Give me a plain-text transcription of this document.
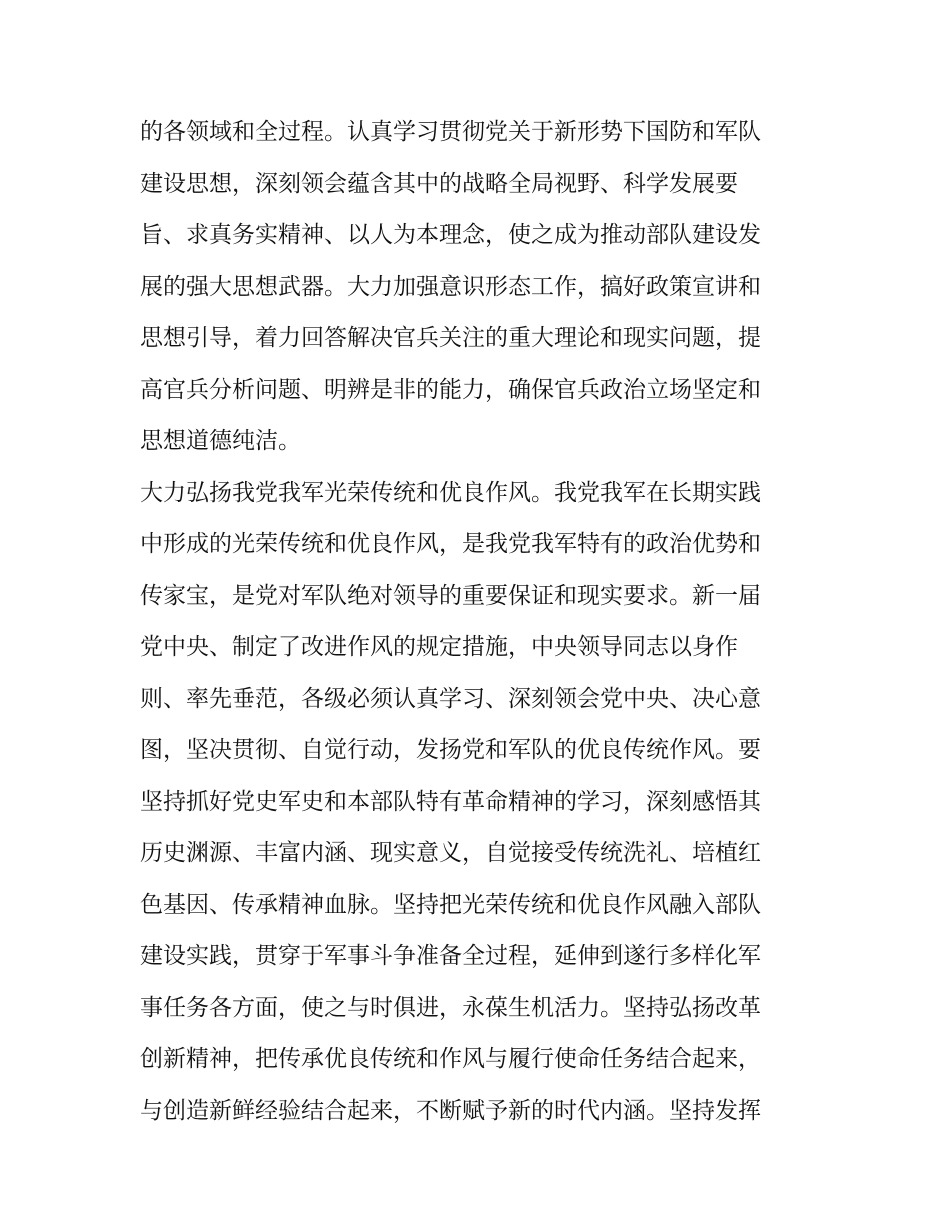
的各领域和全过程。认真学习贯彻党关于新形势下国防和军队
建设思想，深刻领会蕴含其中的战略全局视野、科学发展要
旨、求真务实精神、以人为本理念，使之成为推动部队建设发
展的强大思想武器。大力加强意识形态工作，搞好政策宣讲和
思想引导，着力回答解决官兵关注的重大理论和现实问题，提
高官兵分析问题、明辨是非的能力，确保官兵政治立场坚定和
思想道德纯洁。
大力弘扬我党我军光荣传统和优良作风。我党我军在长期实践
中形成的光荣传统和优良作风，是我党我军特有的政治优势和
传家宝，是党对军队绝对领导的重要保证和现实要求。新一届
党中央、制定了改进作风的规定措施，中央领导同志以身作
则、率先垂范，各级必须认真学习、深刻领会党中央、决心意
图，坚决贯彻、自觉行动，发扬党和军队的优良传统作风。要
坚持抓好党史军史和本部队特有革命精神的学习，深刻感悟其
历史渊源、丰富内涵、现实意义，自觉接受传统洗礼、培植红
色基因、传承精神血脉。坚持把光荣传统和优良作风融入部队
建设实践，贯穿于军事斗争准备全过程，延伸到遂行多样化军
事任务各方面，使之与时俱进，永葆生机活力。坚持弘扬改革
创新精神，把传承优良传统和作风与履行使命任务结合起来，
与创造新鲜经验结合起来，不断赋予新的时代内涵。坚持发挥
